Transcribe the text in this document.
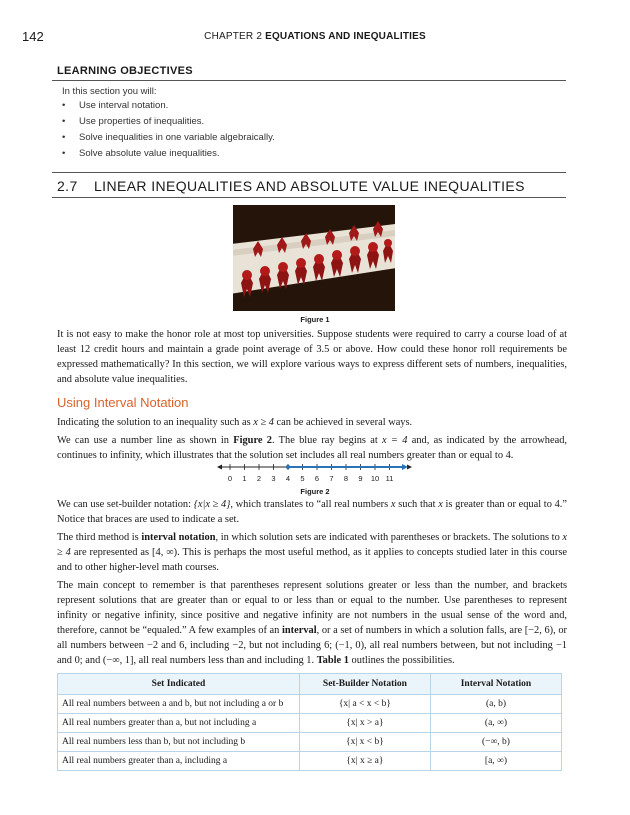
142	CHAPTER 2 EQUATIONS AND INEQUALITIES
LEARNING OBJECTIVES
In this section you will:
• Use interval notation.
• Use properties of inequalities.
• Solve inequalities in one variable algebraically.
• Solve absolute value inequalities.
2.7 LINEAR INEQUALITIES AND ABSOLUTE VALUE INEQUALITIES
Figure 1
It is not easy to make the honor role at most top universities. Suppose students were required to carry a course load of at least 12 credit hours and maintain a grade point average of 3.5 or above. How could these honor roll requirements be expressed mathematically? In this section, we will explore various ways to express different sets of numbers, inequalities, and absolute value inequalities.
Using Interval Notation
Indicating the solution to an inequality such as x ≥ 4 can be achieved in several ways.
We can use a number line as shown in Figure 2. The blue ray begins at x = 4 and, as indicated by the arrowhead, continues to infinity, which illustrates that the solution set includes all real numbers greater than or equal to 4.
0 1 2 3 4 5 6 7 8 9 10 11
Figure 2
We can use set-builder notation: {x|x ≥ 4}, which translates to “all real numbers x such that x is greater than or equal to 4.” Notice that braces are used to indicate a set.
The third method is interval notation, in which solution sets are indicated with parentheses or brackets. The solutions to x ≥ 4 are represented as [4, ∞). This is perhaps the most useful method, as it applies to concepts studied later in this course and to other higher-level math courses.
The main concept to remember is that parentheses represent solutions greater or less than the number, and brackets represent solutions that are greater than or equal to or less than or equal to the number. Use parentheses to represent infinity or negative infinity, since positive and negative infinity are not numbers in the usual sense of the word and, therefore, cannot be “equaled.” A few examples of an interval, or a set of numbers in which a solution falls, are [−2, 6), or all numbers between −2 and 6, including −2, but not including 6; (−1, 0), all real numbers between, but not including −1 and 0; and (−∞, 1], all real numbers less than and including 1. Table 1 outlines the possibilities.
Set Indicated	Set-Builder Notation	Interval Notation
All real numbers between a and b, but not including a or b	{x| a < x < b}	(a, b)
All real numbers greater than a, but not including a	{x| x > a}	(a, ∞)
All real numbers less than b, but not including b	{x| x < b}	(−∞, b)
All real numbers greater than a, including a	{x| x ≥ a}	[a, ∞)
